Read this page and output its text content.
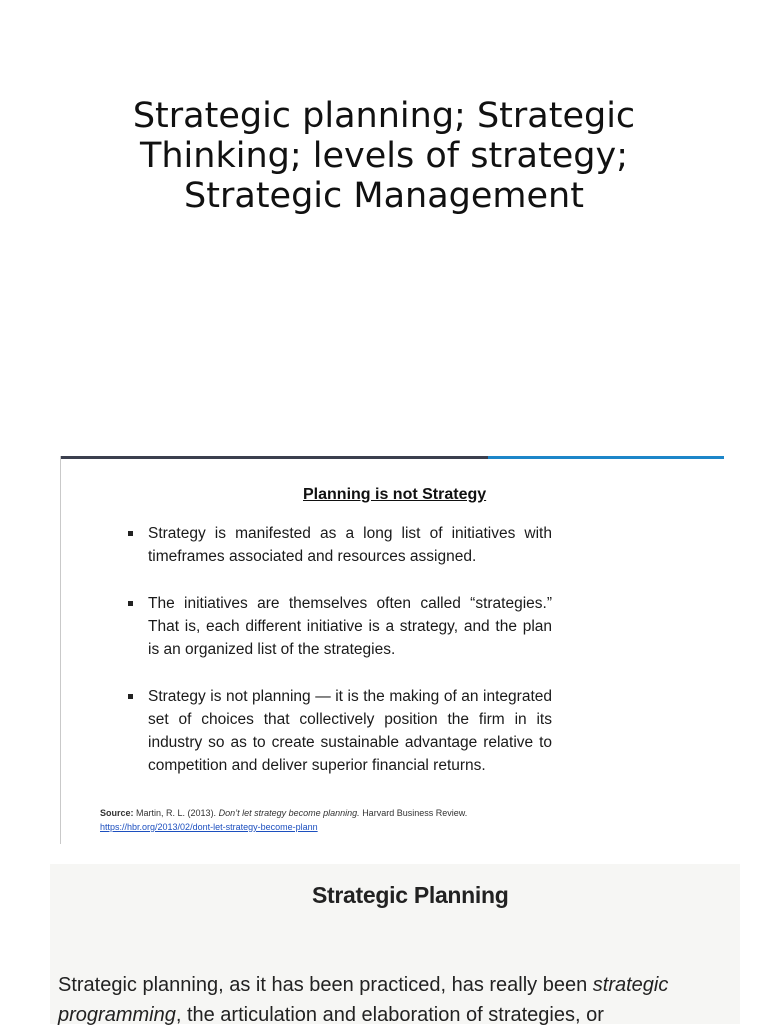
Strategic planning; Strategic
Thinking; levels of strategy;
Strategic Management
Planning is not Strategy
Strategy is manifested as a long list of initiatives with timeframes associated and resources assigned.
The initiatives are themselves often called “strategies.” That is, each different initiative is a strategy, and the plan is an organized list of the strategies.
Strategy is not planning — it is the making of an integrated set of choices that collectively position the firm in its industry so as to create sustainable advantage relative to competition and deliver superior financial returns.
Source: Martin, R. L. (2013). Don’t let strategy become planning. Harvard Business Review. https://hbr.org/2013/02/dont-let-strategy-become-plann
Strategic Planning
Strategic planning, as it has been practiced, has really been strategic programming, the articulation and elaboration of strategies, or
